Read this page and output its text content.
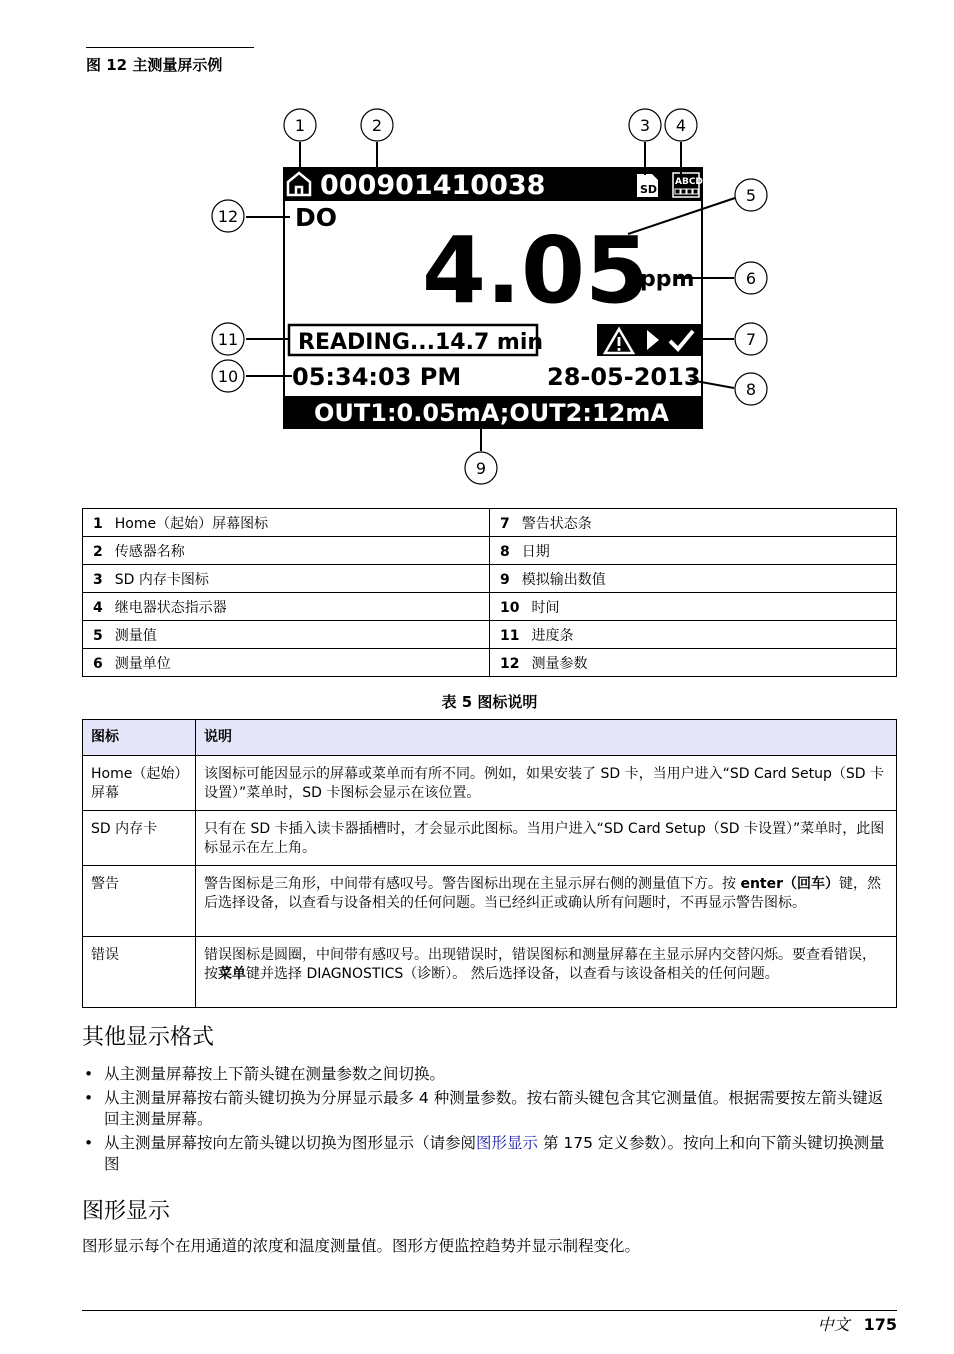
图 12 主测量屏示例
000901410038	SD
ABCD
DO 4.05
ppm
READING...14.7 min
05:34:03 PM	28-05-2013
OUT1:0.05mA;OUT2:12mA
1	2	3 4
5
6
7
8
9
10
11
12
1 Home（起始）屏幕图标	7 警告状态条
2 传感器名称	8 日期
3 SD 内存卡图标	9 模拟输出数值
4 继电器状态指示器	10 时间
5 测量值	11 进度条
6 测量单位	12 测量参数
表 5 图标说明
图标	说明
Home（起始）屏幕	该图标可能因显示的屏幕或菜单而有所不同。例如，如果安装了 SD 卡，当用户进入“SD Card Setup（SD 卡设置）”菜单时，SD 卡图标会显示在该位置。
SD 内存卡	只有在 SD 卡插入读卡器插槽时，才会显示此图标。当用户进入“SD Card Setup（SD 卡设置）”菜单时，此图标显示在左上角。
警告	警告图标是三角形，中间带有感叹号。警告图标出现在主显示屏右侧的测量值下方。按 enter（回车）键，然后选择设备，以查看与设备相关的任何问题。当已经纠正或确认所有问题时，不再显示警告图标。
错误	错误图标是圆圈，中间带有感叹号。出现错误时，错误图标和测量屏幕在主显示屏内交替闪烁。要查看错误，按菜单键并选择 DIAGNOSTICS（诊断）。 然后选择设备，以查看与该设备相关的任何问题。
其他显示格式
• 从主测量屏幕按上下箭头键在测量参数之间切换。
• 从主测量屏幕按右箭头键切换为分屏显示最多 4 种测量参数。按右箭头键包含其它测量值。根据需要按左箭头键返回主测量屏幕。
• 从主测量屏幕按向左箭头键以切换为图形显示（请参阅图形显示 第 175 定义参数）。按向上和向下箭头键切换测量图
图形显示
图形显示每个在用通道的浓度和温度测量值。图形方便监控趋势并显示制程变化。
中文 175
